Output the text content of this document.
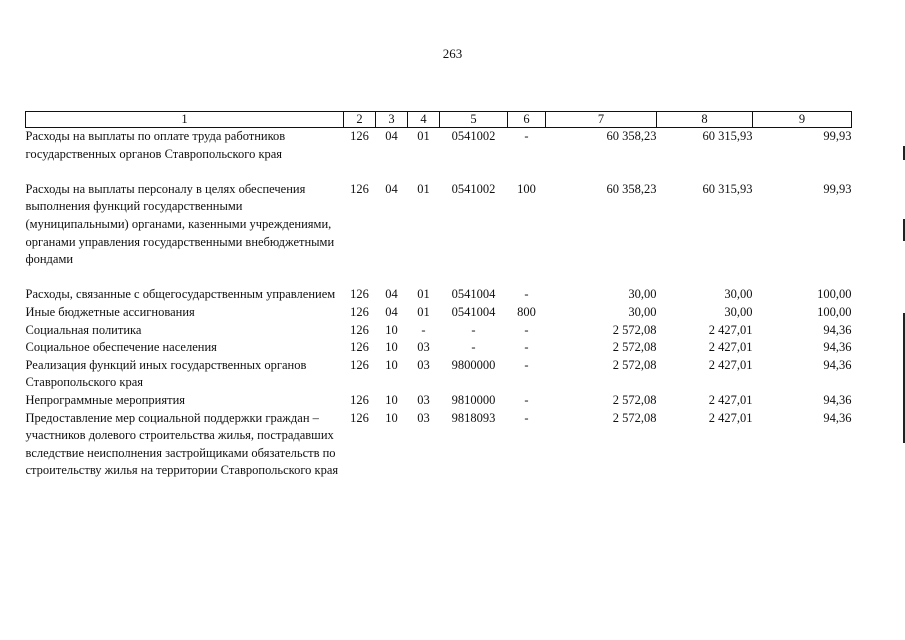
263
1	2	3	4	5	6	7	8	9
Расходы на выплаты по оплате труда работников государственных органов Ставропольского края	126	04	01	0541002	-	60 358,23	60 315,93	99,93
Расходы на выплаты персоналу в целях обеспечения выполнения функций государственными (муниципальными) органами, казенными учреждениями, органами управления государственными внебюджетными фондами	126	04	01	0541002	100	60 358,23	60 315,93	99,93
Расходы, связанные с общегосударственным управлением	126	04	01	0541004	-	30,00	30,00	100,00
Иные бюджетные ассигнования	126	04	01	0541004	800	30,00	30,00	100,00
Социальная политика	126	10	-	-	-	2 572,08	2 427,01	94,36
Социальное обеспечение населения	126	10	03	-	-	2 572,08	2 427,01	94,36
Реализация функций иных государственных органов Ставропольского края	126	10	03	9800000	-	2 572,08	2 427,01	94,36
Непрограммные мероприятия	126	10	03	9810000	-	2 572,08	2 427,01	94,36
Предоставление мер социальной поддержки граждан – участников долевого строительства жилья, пострадавших вследствие неисполнения застройщиками обязательств по строительству жилья на территории Ставропольского края	126	10	03	9818093	-	2 572,08	2 427,01	94,36
